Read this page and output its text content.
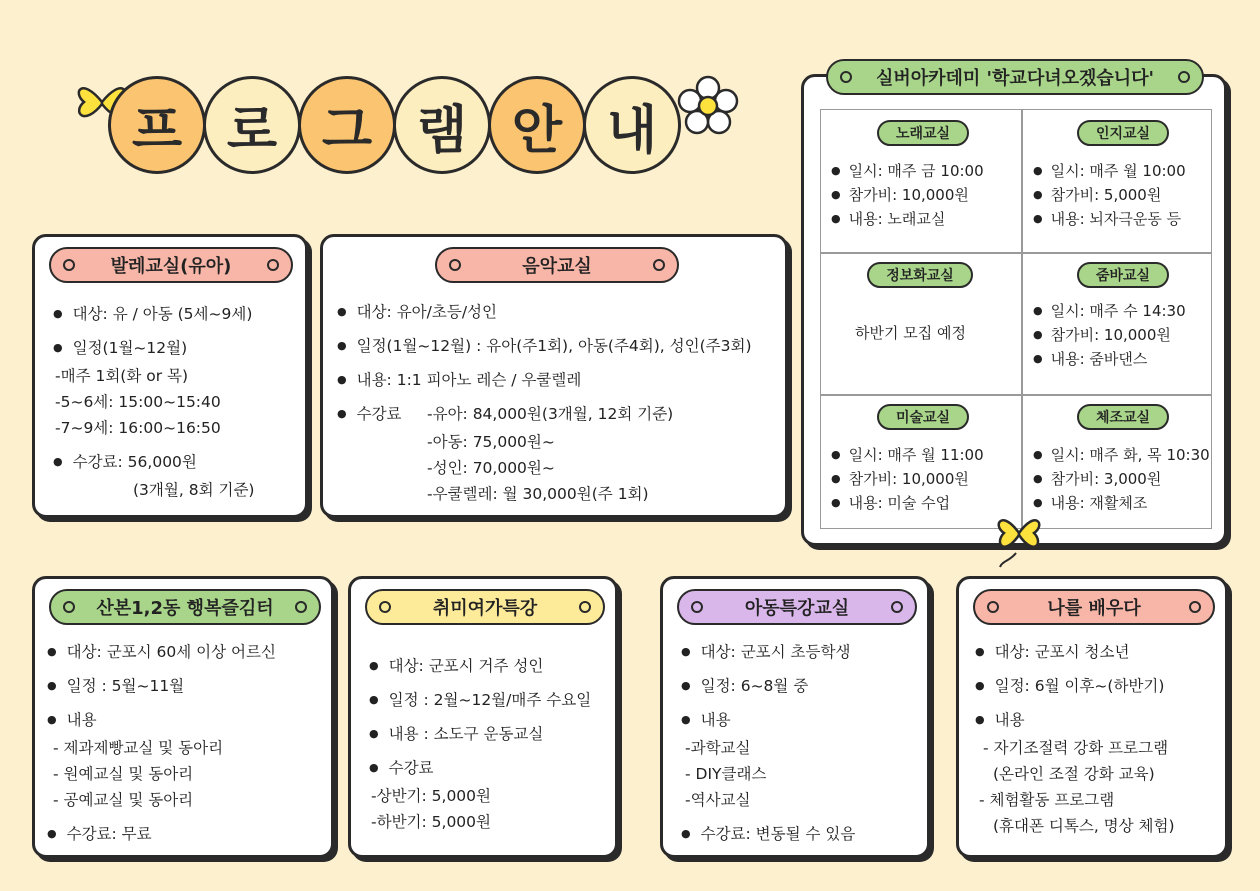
프 로 그 램 안 내
발레교실(유아)
● 대상: 유 / 아동 (5세~9세)
● 일정(1월~12월)
-매주 1회(화 or 목)
-5~6세: 15:00~15:40
-7~9세: 16:00~16:50
● 수강료: 56,000원
(3개월, 8회 기준)
음악교실
● 대상: 유아/초등/성인
● 일정(1월~12월) : 유아(주1회), 아동(주4회), 성인(주3회)
● 내용: 1:1 피아노 레슨 / 우쿨렐레
● 수강료	-유아: 84,000원(3개월, 12회 기준)
-아동: 75,000원~
-성인: 70,000원~
-우쿨렐레: 월 30,000원(주 1회)
실버아카데미 '학교다녀오겠습니다'
노래교실
● 일시: 매주 금 10:00
● 참가비: 10,000원
● 내용: 노래교실
인지교실
● 일시: 매주 월 10:00
● 참가비: 5,000원
● 내용: 뇌자극운동 등
정보화교실
하반기 모집 예정
줌바교실
● 일시: 매주 수 14:30
● 참가비: 10,000원
● 내용: 줌바댄스
미술교실
● 일시: 매주 월 11:00
● 참가비: 10,000원
● 내용: 미술 수업
체조교실
● 일시: 매주 화, 목 10:30
● 참가비: 3,000원
● 내용: 재활체조
산본1,2동 행복즐김터
● 대상: 군포시 60세 이상 어르신
● 일정 : 5월~11월
● 내용
- 제과제빵교실 및 동아리
- 원예교실 및 동아리
- 공예교실 및 동아리
● 수강료: 무료
취미여가특강
● 대상: 군포시 거주 성인
● 일정 : 2월~12월/매주 수요일
● 내용 : 소도구 운동교실
● 수강료
-상반기: 5,000원
-하반기: 5,000원
아동특강교실
● 대상: 군포시 초등학생
● 일정: 6~8월 중
● 내용
-과학교실
- DIY클래스
-역사교실
● 수강료: 변동될 수 있음
나를 배우다
● 대상: 군포시 청소년
● 일정: 6월 이후~(하반기)
● 내용
- 자기조절력 강화 프로그램
(온라인 조절 강화 교육)
- 체험활동 프로그램
(휴대폰 디톡스, 명상 체험)
